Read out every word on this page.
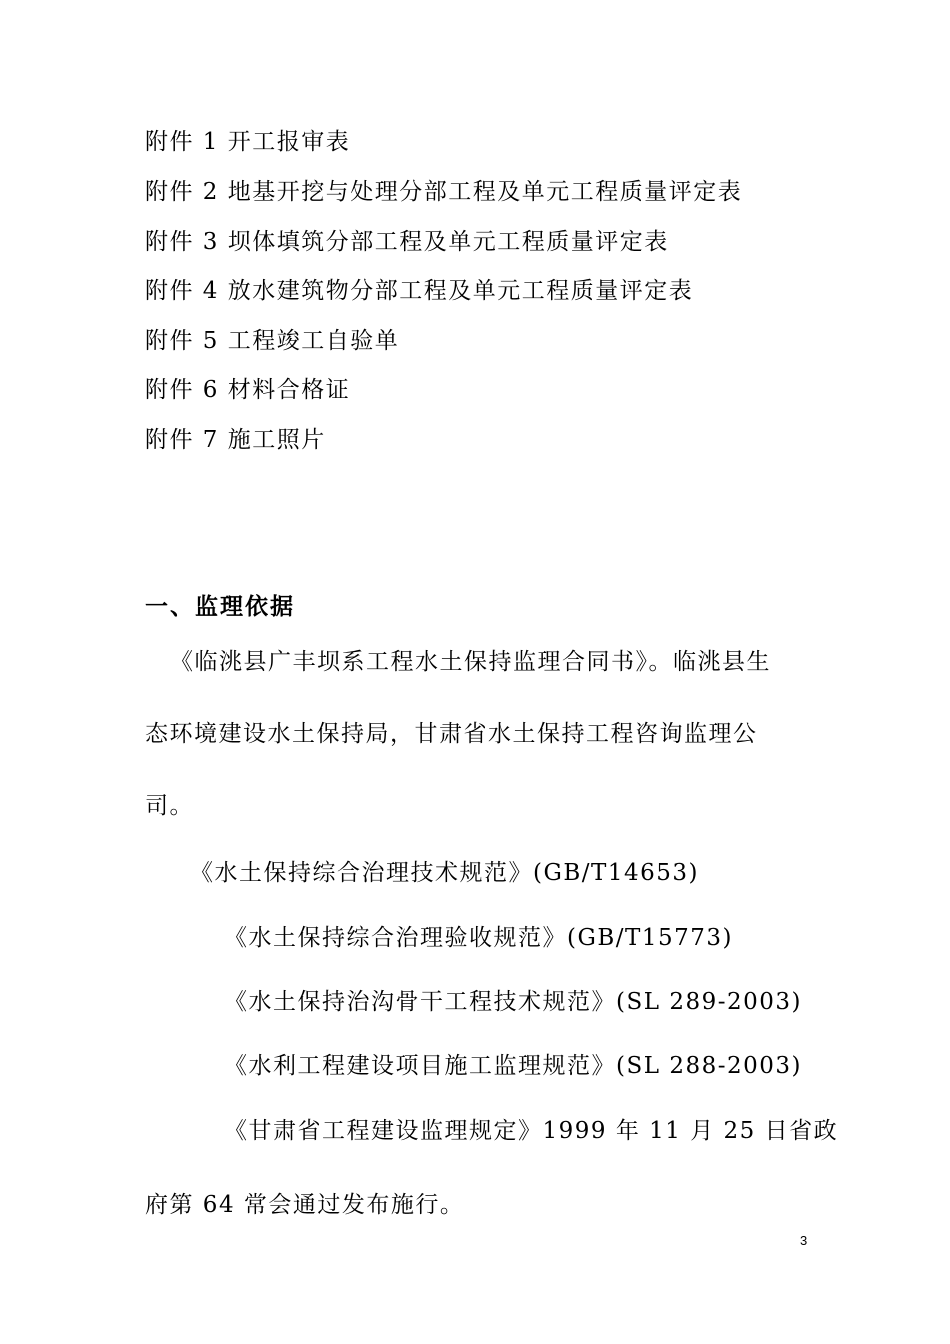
附件 1 开工报审表
附件 2 地基开挖与处理分部工程及单元工程质量评定表
附件 3 坝体填筑分部工程及单元工程质量评定表
附件 4 放水建筑物分部工程及单元工程质量评定表
附件 5 工程竣工自验单
附件 6 材料合格证
附件 7 施工照片
一、监理依据
《临洮县广丰坝系工程水土保持监理合同书》。临洮县生
态环境建设水土保持局，甘肃省水土保持工程咨询监理公
司。
《水土保持综合治理技术规范》(GB/T14653)
《水土保持综合治理验收规范》(GB/T15773)
《水土保持治沟骨干工程技术规范》(SL 289-2003)
《水利工程建设项目施工监理规范》(SL 288-2003)
《甘肃省工程建设监理规定》1999 年 11 月 25 日省政
府第 64 常会通过发布施行。
3
